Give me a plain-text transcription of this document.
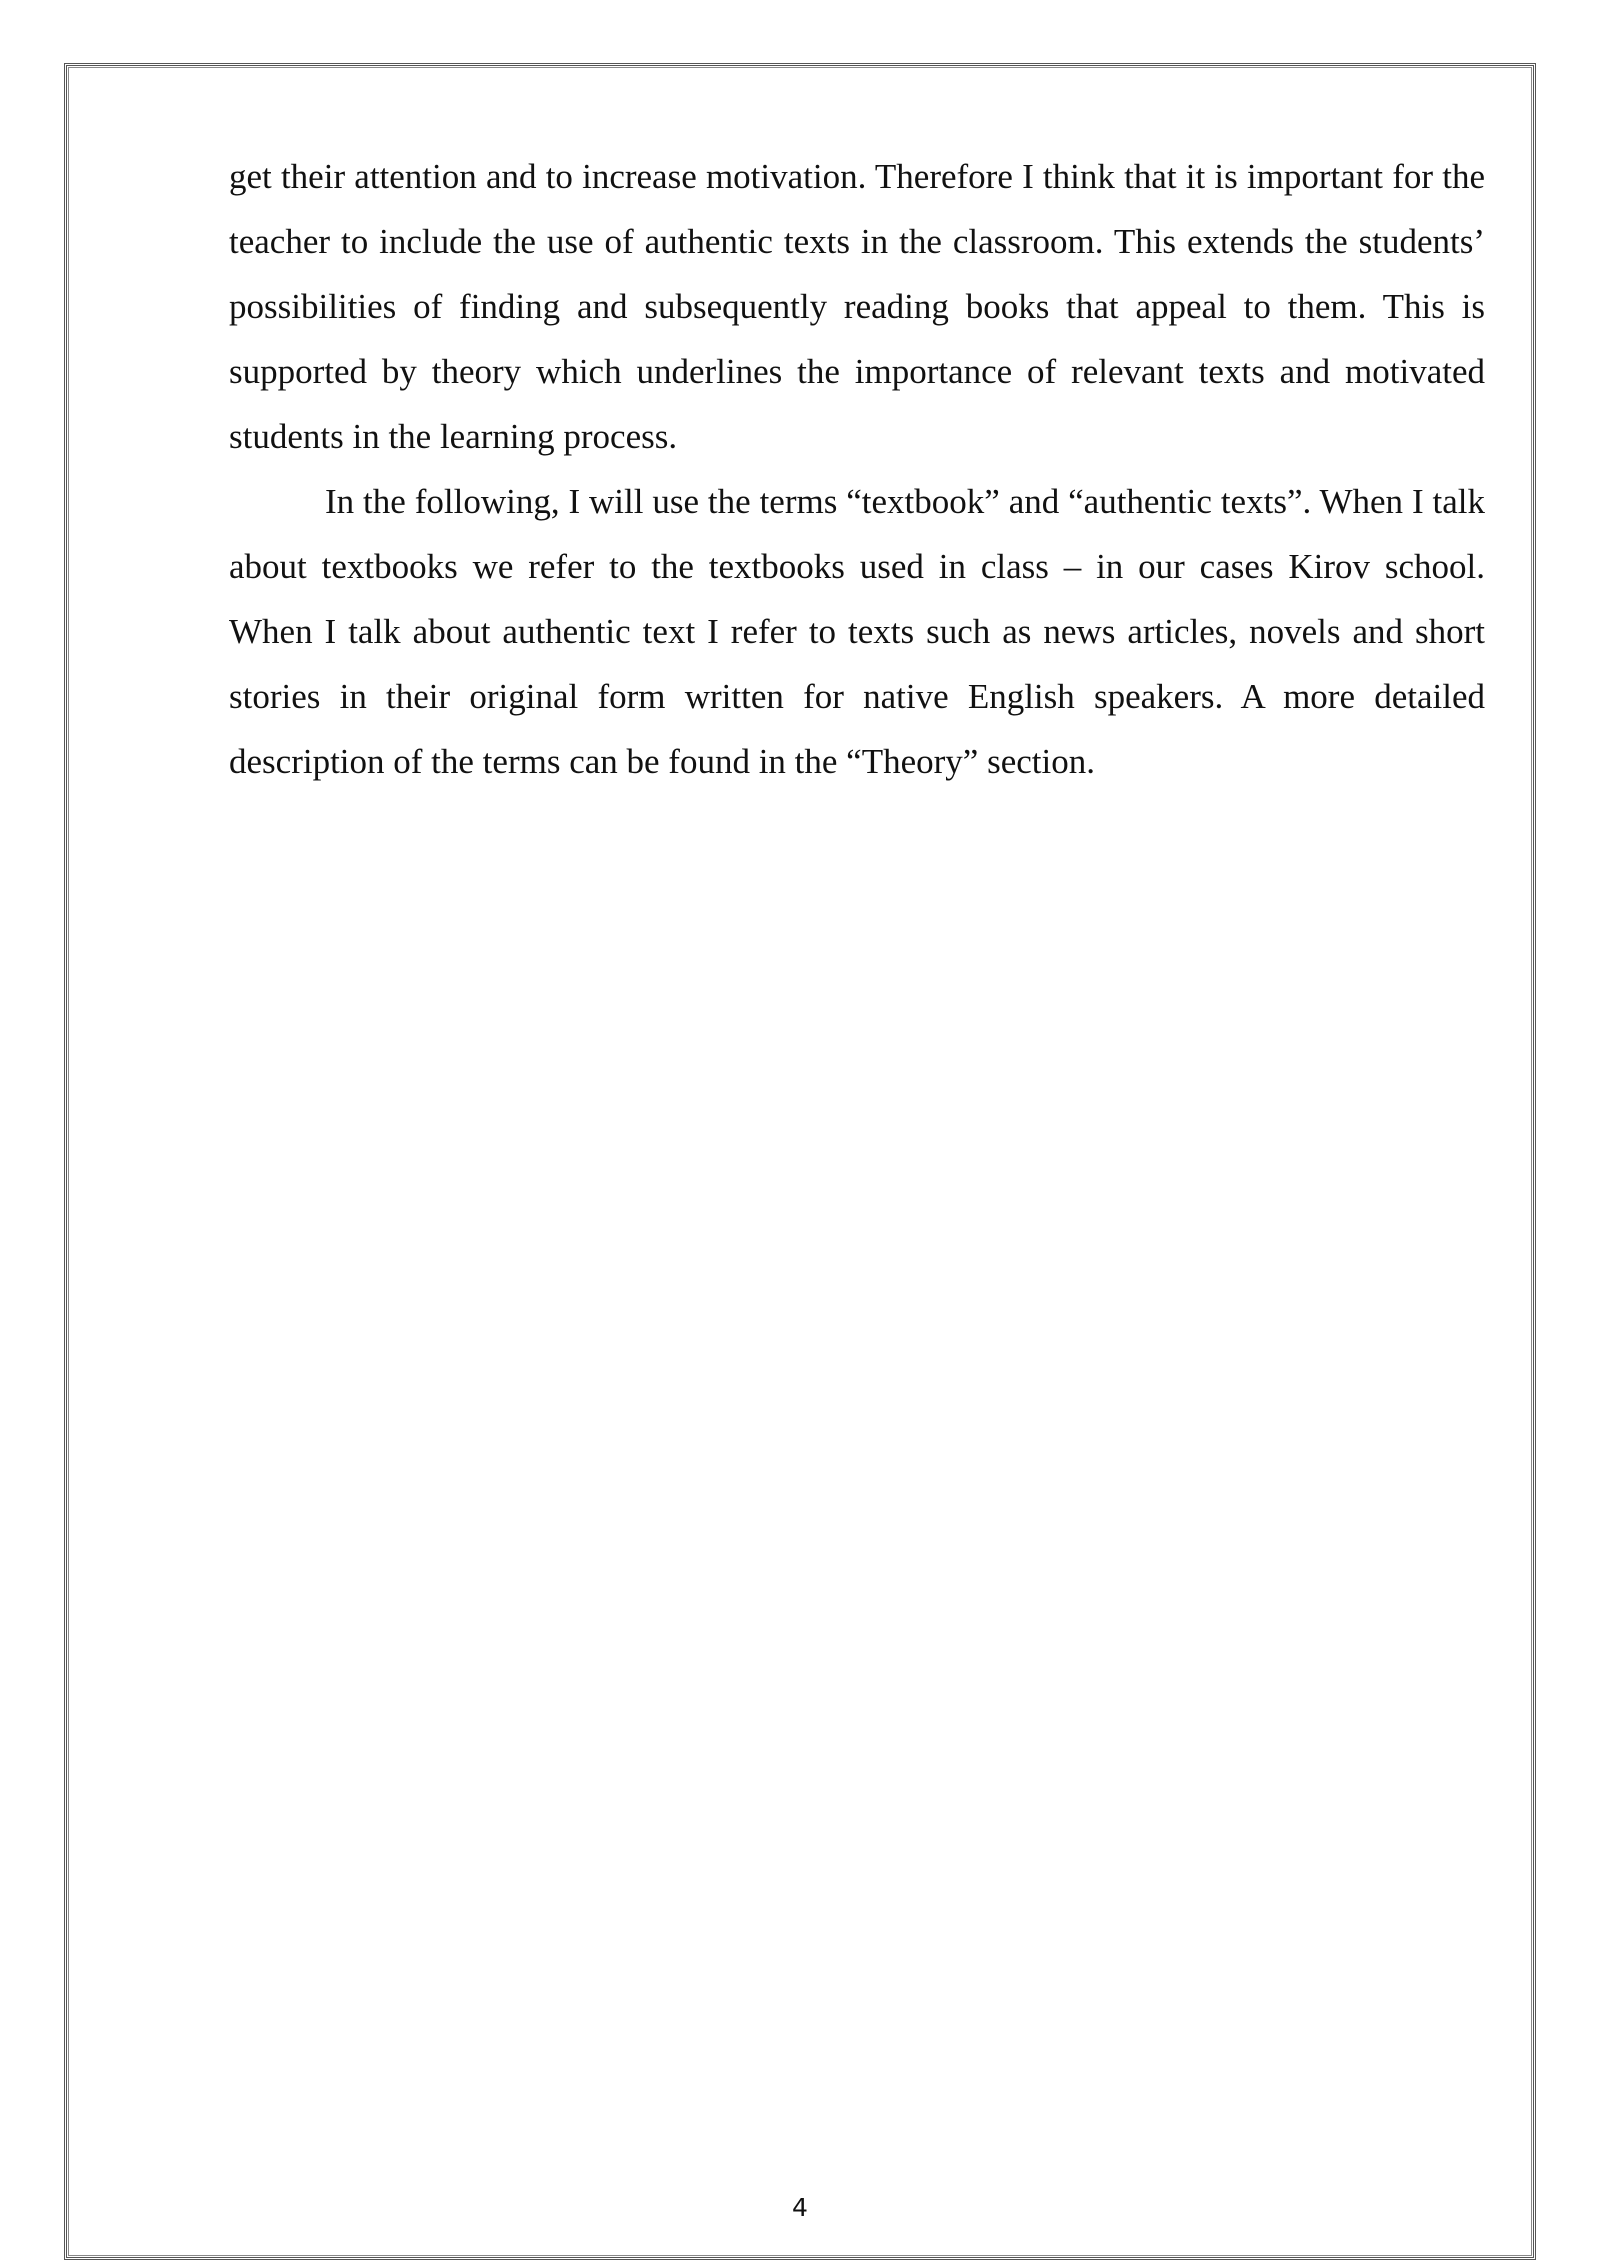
get their attention and to increase motivation. Therefore I think that it is important for the teacher to include the use of authentic texts in the classroom. This extends the students’ possibilities of finding and subsequently reading books that appeal to them. This is supported by theory which underlines the importance of relevant texts and motivated students in the learning process.

In the following, I will use the terms “textbook” and “authentic texts”. When I talk about textbooks we refer to the textbooks used in class – in our cases Kirov school. When I talk about authentic text I refer to texts such as news articles, novels and short stories in their original form written for native English speakers. A more detailed description of the terms can be found in the “Theory” section.

4
